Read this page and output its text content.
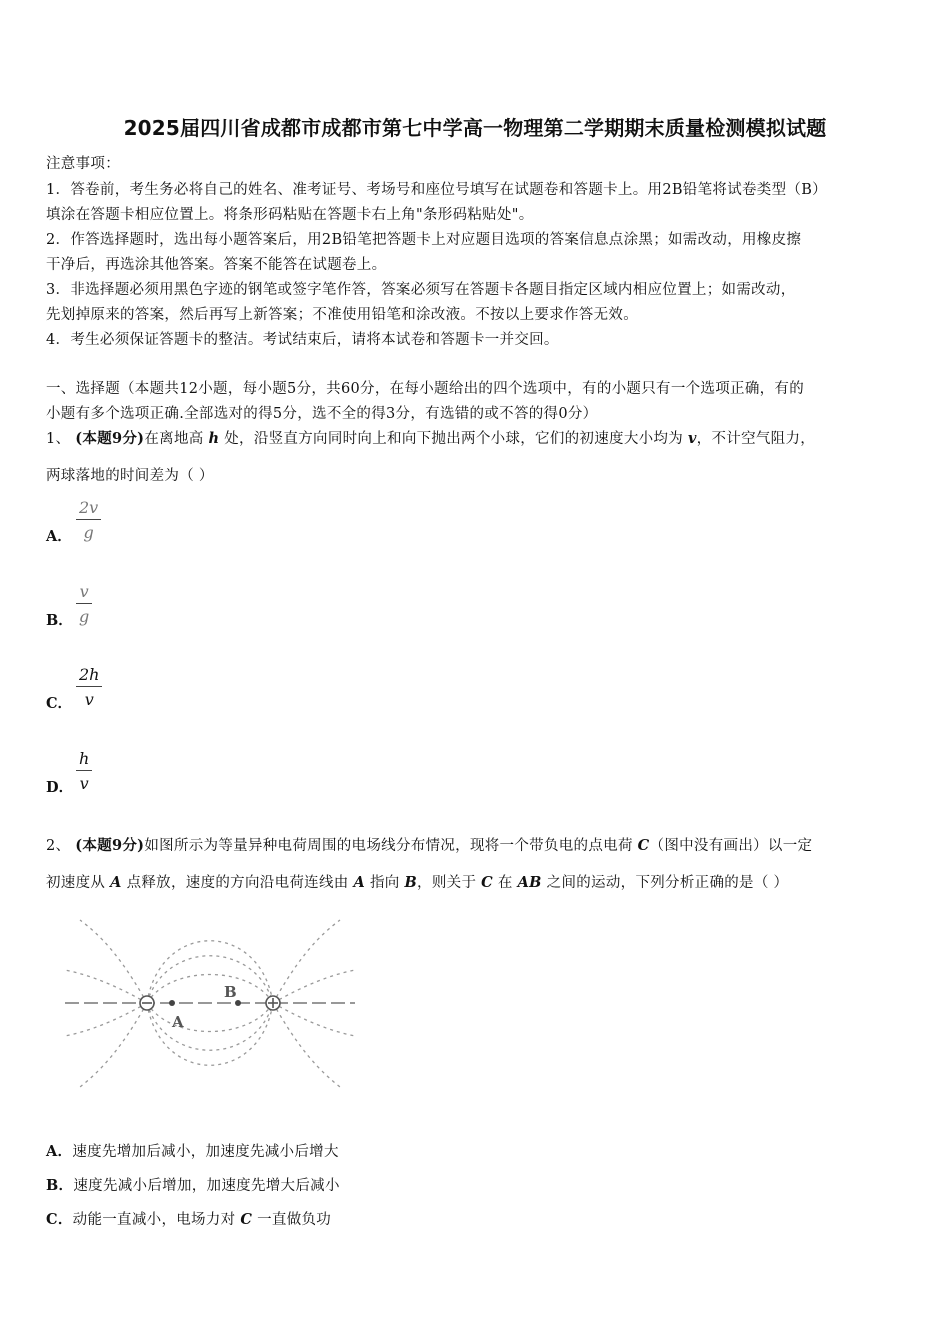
2025届四川省成都市成都市第七中学高一物理第二学期期末质量检测模拟试题
注意事项：
1．答卷前，考生务必将自己的姓名、准考证号、考场号和座位号填写在试题卷和答题卡上。用2B铅笔将试卷类型（B）
填涂在答题卡相应位置上。将条形码粘贴在答题卡右上角"条形码粘贴处"。
2．作答选择题时，选出每小题答案后，用2B铅笔把答题卡上对应题目选项的答案信息点涂黑；如需改动，用橡皮擦
干净后，再选涂其他答案。答案不能答在试题卷上。
3．非选择题必须用黑色字迹的钢笔或签字笔作答，答案必须写在答题卡各题目指定区域内相应位置上；如需改动，
先划掉原来的答案，然后再写上新答案；不准使用铅笔和涂改液。不按以上要求作答无效。
4．考生必须保证答题卡的整洁。考试结束后，请将本试卷和答题卡一并交回。
一、选择题（本题共12小题，每小题5分，共60分，在每小题给出的四个选项中，有的小题只有一个选项正确，有的
小题有多个选项正确.全部选对的得5分，选不全的得3分，有选错的或不答的得0分）
1、 (本题9分)在离地高 h 处，沿竖直方向同时向上和向下抛出两个小球，它们的初速度大小均为 v，不计空气阻力，
两球落地的时间差为（ ）
A．
2v
g
B．
v
g
C．
2h
v
D．
h
v
2、 (本题9分)如图所示为等量异种电荷周围的电场线分布情况，现将一个带负电的点电荷 C（图中没有画出）以一定
初速度从 A 点释放，速度的方向沿电荷连线由 A 指向 B，则关于 C 在 AB 之间的运动，下列分析正确的是（ ）
A
B
A．速度先增加后减小，加速度先减小后增大
B．速度先减小后增加，加速度先增大后减小
C．动能一直减小，电场力对 C 一直做负功
